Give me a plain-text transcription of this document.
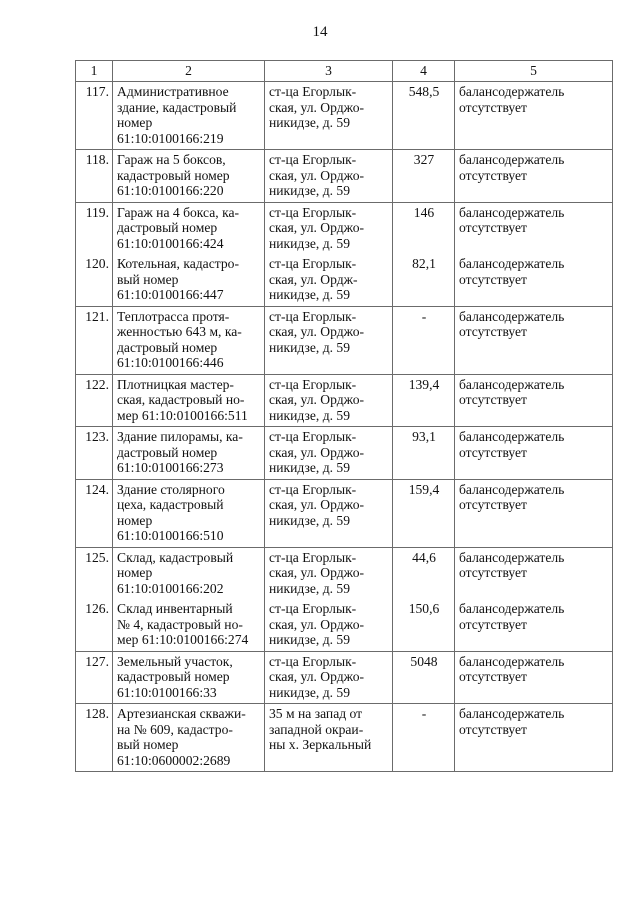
14
1	2	3	4	5
117.	Административное
здание, кадастровый
номер
61:10:0100166:219	ст-ца Егорлык-
ская, ул. Орджо-
никидзе, д. 59	548,5	балансодержатель
отсутствует
118.	Гараж на 5 боксов,
кадастровый номер
61:10:0100166:220	ст-ца Егорлык-
ская, ул. Орджо-
никидзе, д. 59	327	балансодержатель
отсутствует
119.	Гараж на 4 бокса, ка-
дастровый номер
61:10:0100166:424	ст-ца Егорлык-
ская, ул. Орджо-
никидзе, д. 59	146	балансодержатель
отсутствует
120.	Котельная, кадастро-
вый номер
61:10:0100166:447	ст-ца Егорлык-
ская, ул. Ордж-
никидзе, д. 59	82,1	балансодержатель
отсутствует
121.	Теплотрасса протя-
женностью 643 м, ка-
дастровый номер
61:10:0100166:446	ст-ца Егорлык-
ская, ул. Орджо-
никидзе, д. 59	-	балансодержатель
отсутствует
122.	Плотницкая мастер-
ская, кадастровый но-
мер 61:10:0100166:511	ст-ца Егорлык-
ская, ул. Орджо-
никидзе, д. 59	139,4	балансодержатель
отсутствует
123.	Здание пилорамы, ка-
дастровый номер
61:10:0100166:273	ст-ца Егорлык-
ская, ул. Орджо-
никидзе, д. 59	93,1	балансодержатель
отсутствует
124.	Здание столярного
цеха, кадастровый
номер
61:10:0100166:510	ст-ца Егорлык-
ская, ул. Орджо-
никидзе, д. 59	159,4	балансодержатель
отсутствует
125.	Склад, кадастровый
номер
61:10:0100166:202	ст-ца Егорлык-
ская, ул. Орджо-
никидзе, д. 59	44,6	балансодержатель
отсутствует
126.	Склад инвентарный
№ 4, кадастровый но-
мер 61:10:0100166:274	ст-ца Егорлык-
ская, ул. Орджо-
никидзе, д. 59	150,6	балансодержатель
отсутствует
127.	Земельный участок,
кадастровый номер
61:10:0100166:33	ст-ца Егорлык-
ская, ул. Орджо-
никидзе, д. 59	5048	балансодержатель
отсутствует
128.	Артезианская скважи-
на № 609, кадастро-
вый номер
61:10:0600002:2689	35 м на запад от
западной окраи-
ны х. Зеркальный	-	балансодержатель
отсутствует
